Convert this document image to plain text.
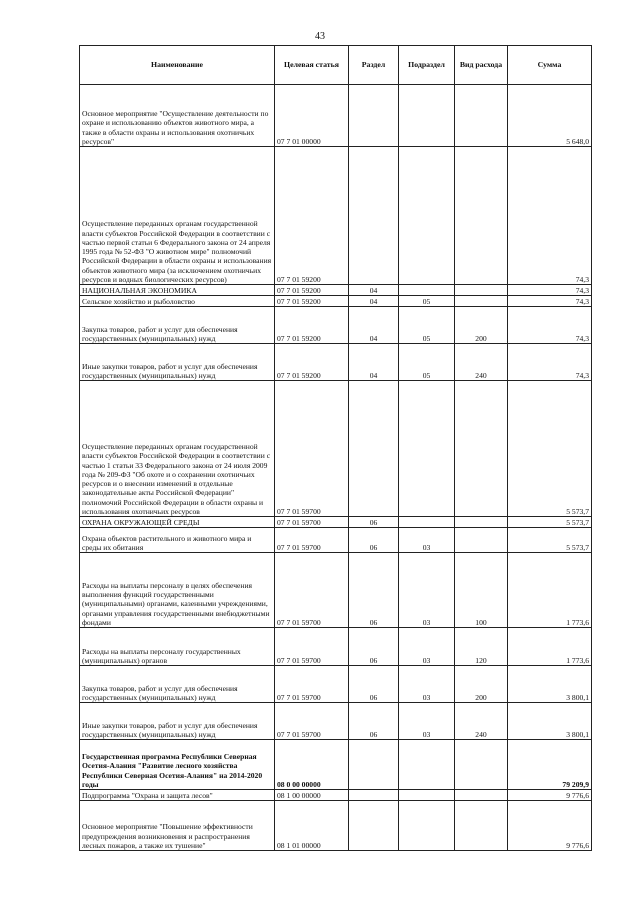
43
Наименование	Целевая статья	Раздел	Подраздел	Вид расхода	Сумма
Основное мероприятие "Осуществление деятельности по охране и использованию объектов животного мира, а также в области охраны и использования охотничьих ресурсов"	07 7 01 00000				5 648,0
Осуществление переданных органам государственной власти субъектов Российской Федерации в соответствии с частью первой статьи 6 Федерального закона от 24 апреля 1995 года № 52-ФЗ "О животном мире" полномочий Российской Федерации в области охраны и использования объектов животного мира (за исключением охотничьих ресурсов и водных биологических ресурсов)	07 7 01 59200				74,3
НАЦИОНАЛЬНАЯ ЭКОНОМИКА	07 7 01 59200	04			74,3
Сельское хозяйство и рыболовство	07 7 01 59200	04	05		74,3
Закупка товаров, работ и услуг для обеспечения государственных (муниципальных) нужд	07 7 01 59200	04	05	200	74,3
Иные закупки товаров, работ и услуг для обеспечения государственных (муниципальных) нужд	07 7 01 59200	04	05	240	74,3
Осуществление переданных органам государственной власти субъектов Российской Федерации в соответствии с частью 1 статьи 33 Федерального закона от 24 июля 2009 года № 209-ФЗ "Об охоте и о сохранении охотничьих ресурсов и о внесении изменений в отдельные законодательные акты Российской Федерации" полномочий Российской Федерации в области охраны и использования охотничьих ресурсов	07 7 01 59700				5 573,7
ОХРАНА ОКРУЖАЮЩЕЙ СРЕДЫ	07 7 01 59700	06			5 573,7
Охрана объектов растительного и животного мира и среды их обитания	07 7 01 59700	06	03		5 573,7
Расходы на выплаты персоналу в целях обеспечения выполнения функций государственными (муниципальными) органами, казенными учреждениями, органами управления государственными внебюджетными фондами	07 7 01 59700	06	03	100	1 773,6
Расходы на выплаты персоналу государственных (муниципальных) органов	07 7 01 59700	06	03	120	1 773,6
Закупка товаров, работ и услуг для обеспечения государственных (муниципальных) нужд	07 7 01 59700	06	03	200	3 800,1
Иные закупки товаров, работ и услуг для обеспечения государственных (муниципальных) нужд	07 7 01 59700	06	03	240	3 800,1
Государственная программа Республики Северная Осетия-Алания "Развитие лесного хозяйства Республики Северная Осетия-Алания" на 2014-2020 годы	08 0 00 00000				79 209,9
Подпрограмма "Охрана и защита лесов"	08 1 00 00000				9 776,6
Основное мероприятие "Повышение эффективности предупреждения возникновения и распространения лесных пожаров, а также их тушение"	08 1 01 00000				9 776,6
